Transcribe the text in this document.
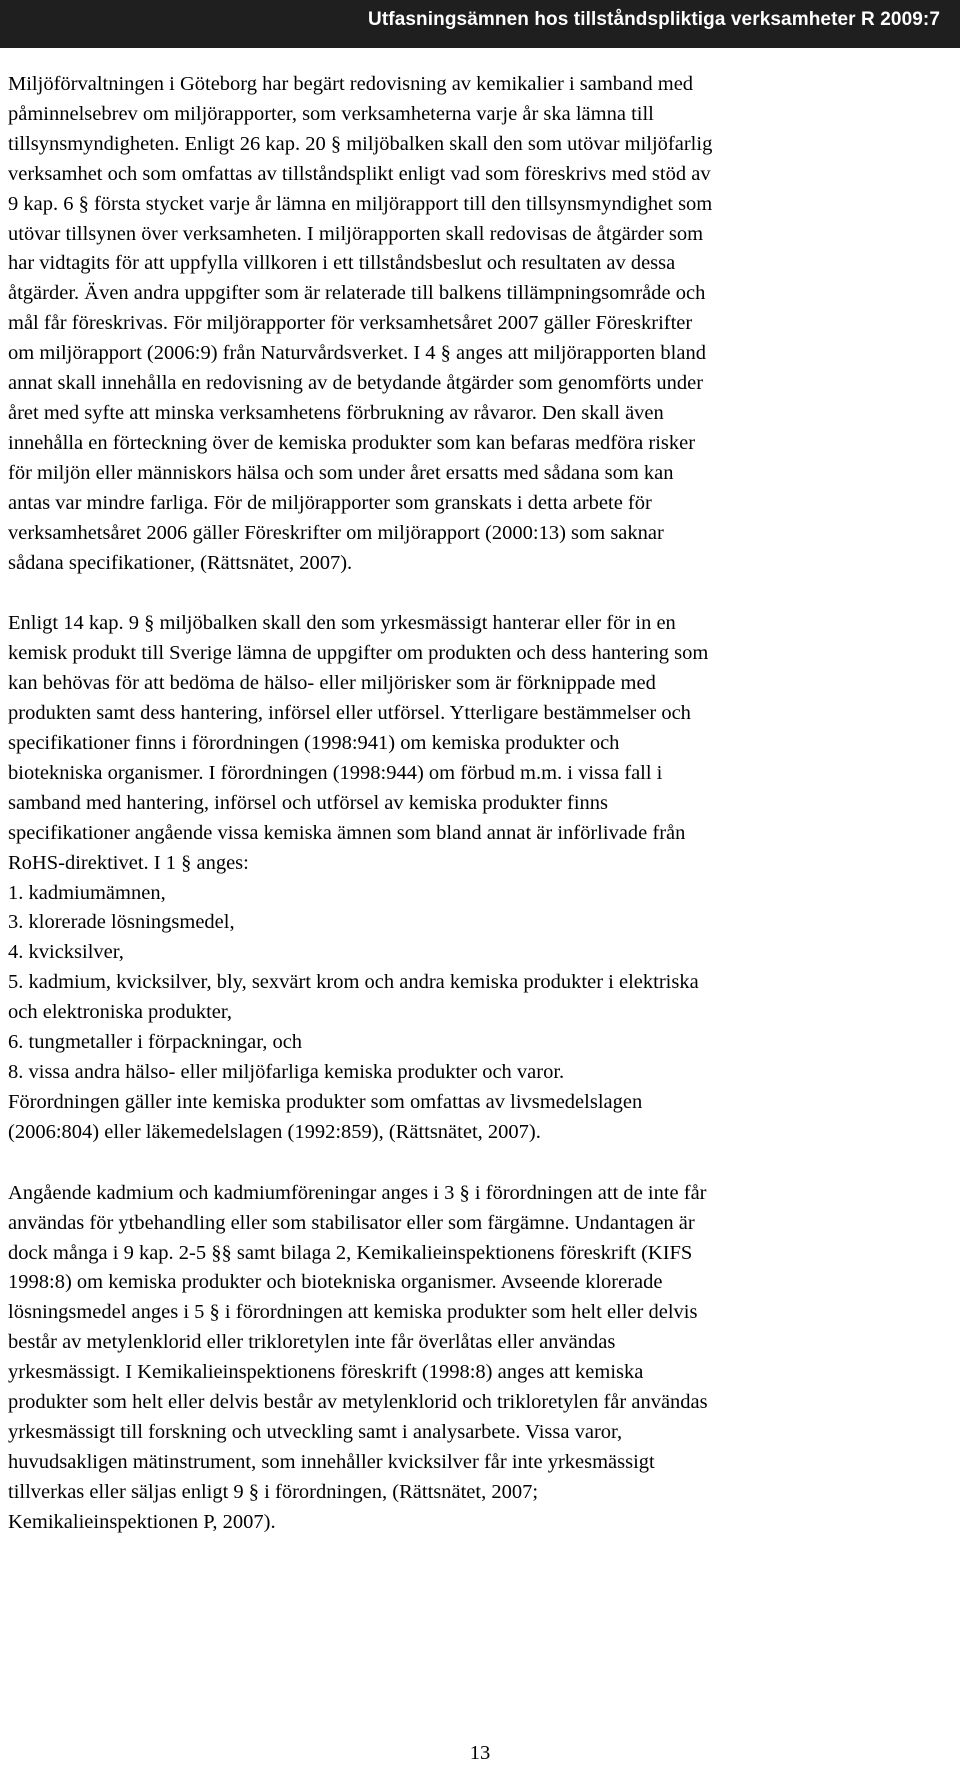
Utfasningsämnen hos tillståndspliktiga verksamheter R 2009:7
Miljöförvaltningen i Göteborg har begärt redovisning av kemikalier i samband med
påminnelsebrev om miljörapporter, som verksamheterna varje år ska lämna till
tillsynsmyndigheten. Enligt 26 kap. 20 § miljöbalken skall den som utövar miljöfarlig
verksamhet och som omfattas av tillståndsplikt enligt vad som föreskrivs med stöd av
9 kap. 6 § första stycket varje år lämna en miljörapport till den tillsynsmyndighet som
utövar tillsynen över verksamheten. I miljörapporten skall redovisas de åtgärder som
har vidtagits för att uppfylla villkoren i ett tillståndsbeslut och resultaten av dessa
åtgärder. Även andra uppgifter som är relaterade till balkens tillämpningsområde och
mål får föreskrivas. För miljörapporter för verksamhetsåret 2007 gäller Föreskrifter
om miljörapport (2006:9) från Naturvårdsverket. I 4 § anges att miljörapporten bland
annat skall innehålla en redovisning av de betydande åtgärder som genomförts under
året med syfte att minska verksamhetens förbrukning av råvaror. Den skall även
innehålla en förteckning över de kemiska produkter som kan befaras medföra risker
för miljön eller människors hälsa och som under året ersatts med sådana som kan
antas var mindre farliga. För de miljörapporter som granskats i detta arbete för
verksamhetsåret 2006 gäller Föreskrifter om miljörapport (2000:13) som saknar
sådana specifikationer, (Rättsnätet, 2007).
Enligt 14 kap. 9 § miljöbalken skall den som yrkesmässigt hanterar eller för in en
kemisk produkt till Sverige lämna de uppgifter om produkten och dess hantering som
kan behövas för att bedöma de hälso- eller miljörisker som är förknippade med
produkten samt dess hantering, införsel eller utförsel. Ytterligare bestämmelser och
specifikationer finns i förordningen (1998:941) om kemiska produkter och
biotekniska organismer. I förordningen (1998:944) om förbud m.m. i vissa fall i
samband med hantering, införsel och utförsel av kemiska produkter finns
specifikationer angående vissa kemiska ämnen som bland annat är införlivade från
RoHS-direktivet. I 1 § anges:
1. kadmiumämnen,
3. klorerade lösningsmedel,
4. kvicksilver,
5. kadmium, kvicksilver, bly, sexvärt krom och andra kemiska produkter i elektriska
och elektroniska produkter,
6. tungmetaller i förpackningar, och
8. vissa andra hälso- eller miljöfarliga kemiska produkter och varor.
Förordningen gäller inte kemiska produkter som omfattas av livsmedelslagen
(2006:804) eller läkemedelslagen (1992:859), (Rättsnätet, 2007).
Angående kadmium och kadmiumföreningar anges i 3 § i förordningen att de inte får
användas för ytbehandling eller som stabilisator eller som färgämne. Undantagen är
dock många i 9 kap. 2-5 §§ samt bilaga 2, Kemikalieinspektionens föreskrift (KIFS
1998:8) om kemiska produkter och biotekniska organismer. Avseende klorerade
lösningsmedel anges i 5 § i förordningen att kemiska produkter som helt eller delvis
består av metylenklorid eller trikloretylen inte får överlåtas eller användas
yrkesmässigt. I Kemikalieinspektionens föreskrift (1998:8) anges att kemiska
produkter som helt eller delvis består av metylenklorid och trikloretylen får användas
yrkesmässigt till forskning och utveckling samt i analysarbete. Vissa varor,
huvudsakligen mätinstrument, som innehåller kvicksilver får inte yrkesmässigt
tillverkas eller säljas enligt 9 § i förordningen, (Rättsnätet, 2007;
Kemikalieinspektionen P, 2007).
13
